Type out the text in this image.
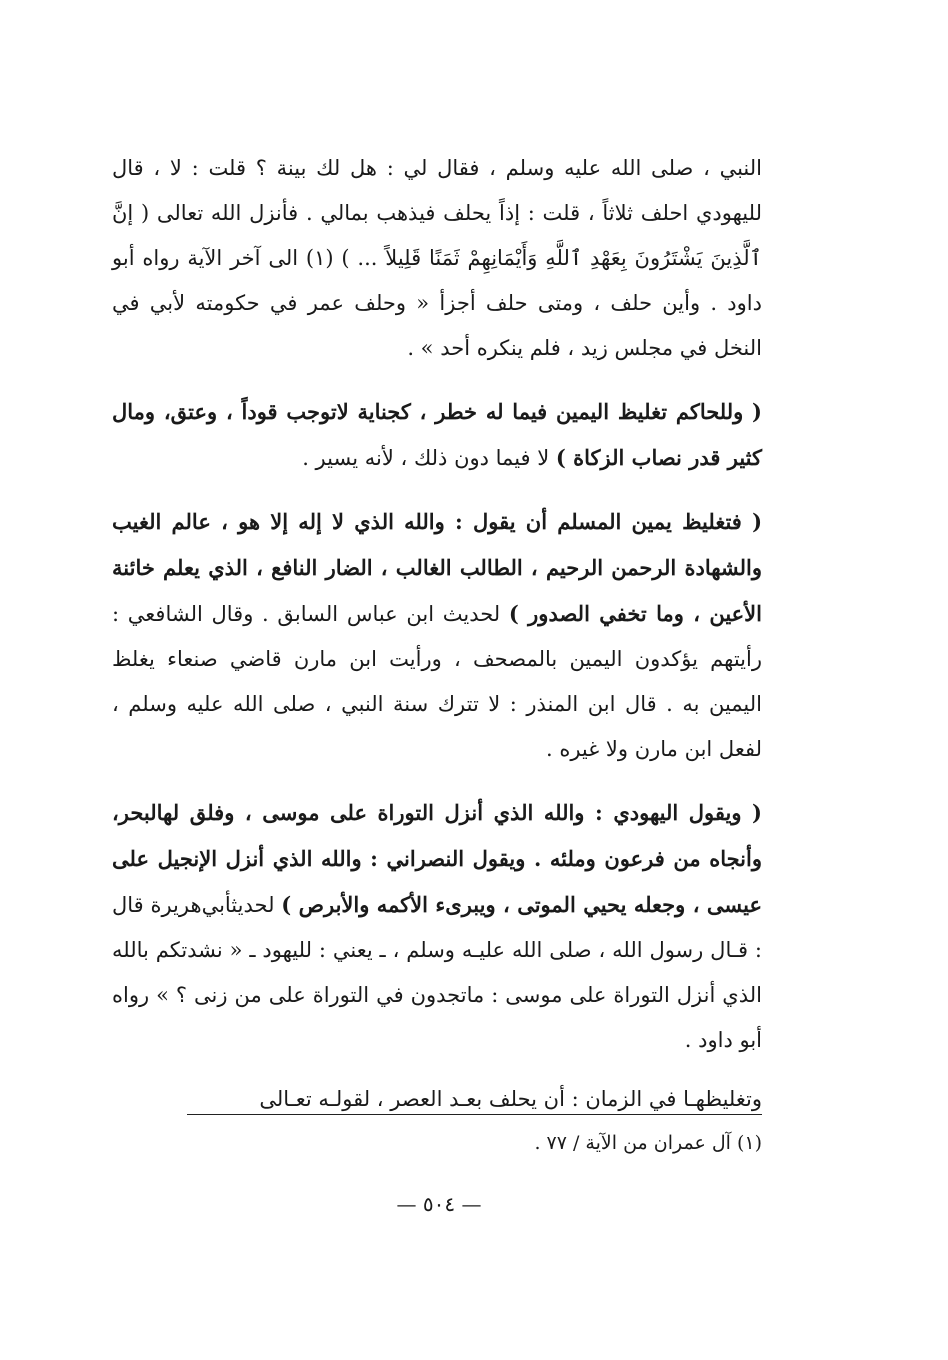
النبي ، صلى الله عليه وسلم ، فقال لي : هل لك بينة ؟ قلت : لا ، قال لليهودي احلف ثلاثاً ، قلت : إذاً يحلف فيذهب بمالي . فأنزل الله تعالى ( إنَّ ٱلَّذِينَ يَشْتَرُونَ بِعَهْدِ ٱللَّهِ وَأَيْمَانِهِمْ ثَمَنًا قَلِيلاً ... ) (١) الى آخر الآية رواه أبو داود . وأين حلف ، ومتى حلف أجزأ « وحلف عمر في حكومته لأبي في النخل في مجلس زيد ، فلم ينكره أحد » .

( وللحاكم تغليظ اليمين فيما له خطر ، كجناية لاتوجب قوداً ، وعتق، ومال كثير قدر نصاب الزكاة ) لا فيما دون ذلك ، لأنه يسير .

( فتغليظ يمين المسلم أن يقول : والله الذي لا إله إلا هو ، عالم الغيب والشهادة الرحمن الرحيم ، الطالب الغالب ، الضار النافع ، الذي يعلم خائنة الأعين ، وما تخفي الصدور ) لحديث ابن عباس السابق . وقال الشافعي : رأيتهم يؤكدون اليمين بالمصحف ، ورأيت ابن مارن قاضي صنعاء يغلظ اليمين به . قال ابن المنذر : لا تترك سنة النبي ، صلى الله عليه وسلم ، لفعل ابن مارن ولا غيره .

( ويقول اليهودي : والله الذي أنزل التوراة على موسى ، وفلق لهالبحر، وأنجاه من فرعون وملئه . ويقول النصراني : والله الذي أنزل الإنجيل على عيسى ، وجعله يحيي الموتى ، ويبرىء الأكمه والأبرص ) لحديثأبي‌هريرة قال : قـال رسول الله ، صلى الله عليـه وسلم ، ـ يعني : لليهود ـ « نشدتكم بالله الذي أنزل التوراة على موسى : ماتجدون في التوراة على من زنى ؟ » رواه أبو داود .

وتغليظهـا في الزمان : أن يحلف بعـد العصر ، لقولـه تعـالى

(١) آل عمران من الآية / ٧٧ .
— ٥٠٤ —
